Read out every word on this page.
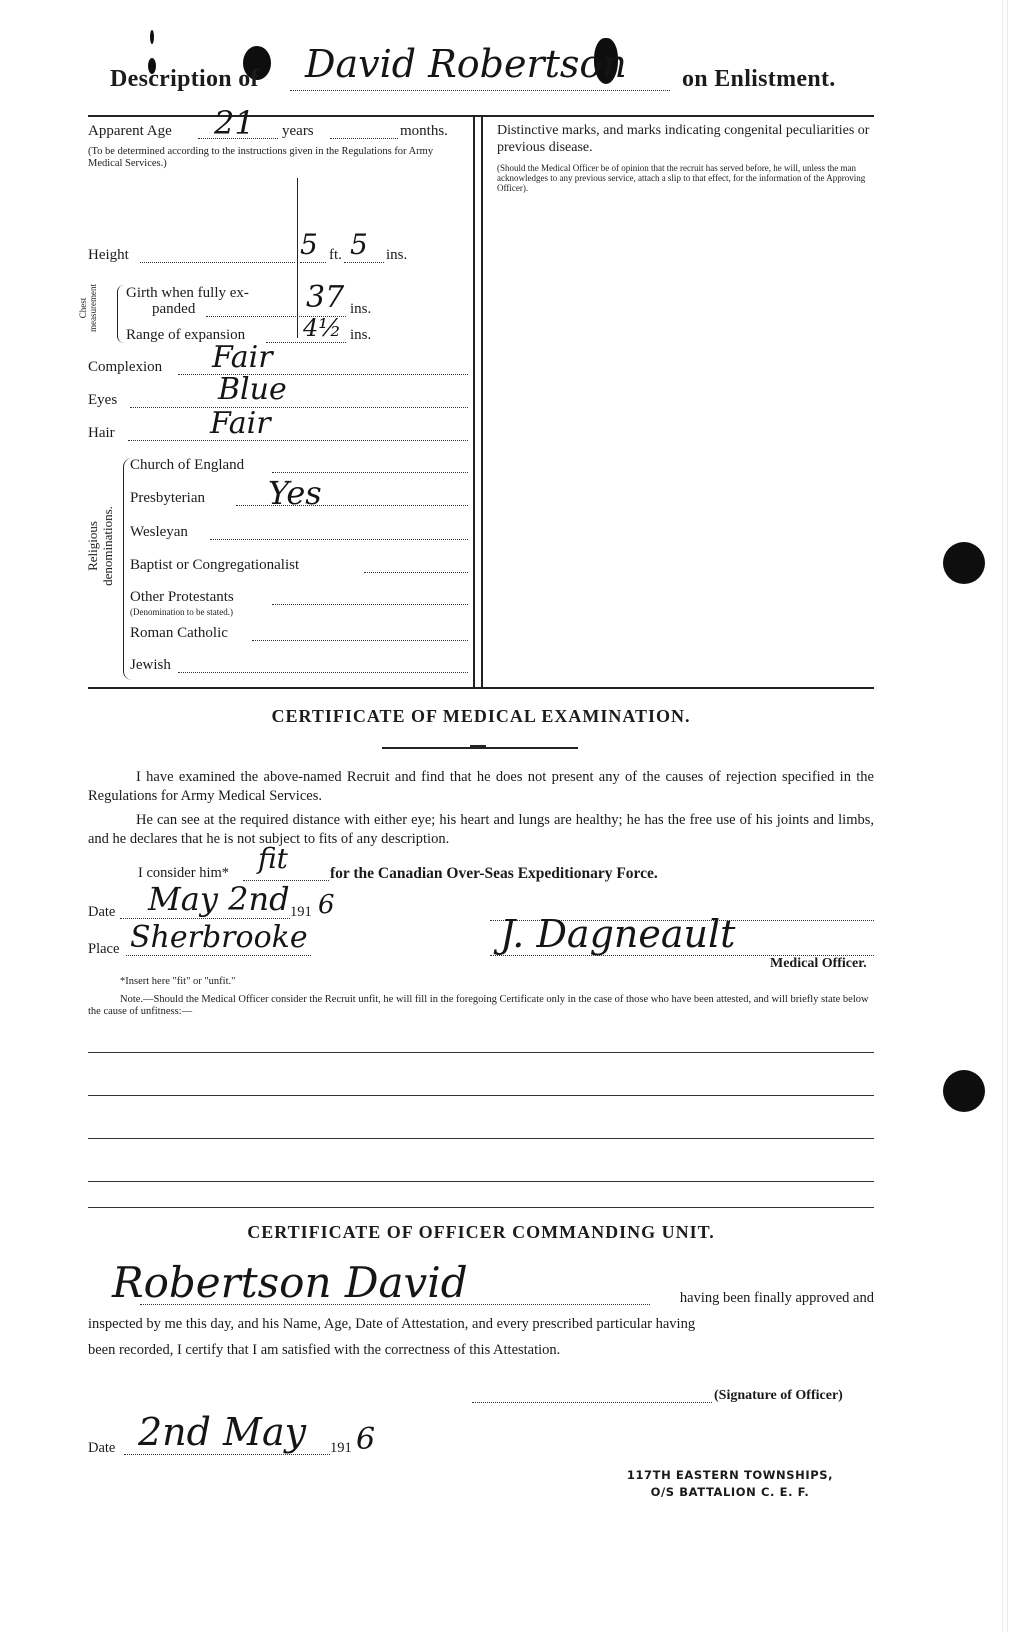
Description of David Robertson on Enlistment.
Apparent Age 21 years	months.
(To be determined according to the instructions given in the Regulations for Army Medical Services.)
Height	5 ft. 5 ins.
Chest measurement Girth when fully ex-
panded	37 ins.
Range of expansion 4½ ins.
Complexion Fair
Eyes	Blue
Hair	Fair
Religious denominations.
Church of England
Presbyterian Yes
Wesleyan
Baptist or Congregationalist
Other Protestants
(Denomination to be stated.)
Roman Catholic
Jewish
Distinctive marks, and marks indicating congenital peculiarities or previous disease.
(Should the Medical Officer be of opinion that the recruit has served before, he will, unless the man acknowledges to any previous service, attach a slip to that effect, for the information of the Approving Officer).
CERTIFICATE OF MEDICAL EXAMINATION.
I have examined the above-named Recruit and find that he does not present any of the causes of rejection specified in the Regulations for Army Medical Services.
He can see at the required distance with either eye; his heart and lungs are healthy; he has the free use of his joints and limbs, and he declares that he is not subject to fits of any description.
I consider him* fit	for the Canadian Over-Seas Expeditionary Force.
Date May 2nd 191 6
Place Sherbrooke	J. Dagneault
Medical Officer.
*Insert here "fit" or "unfit."
Note.—Should the Medical Officer consider the Recruit unfit, he will fill in the foregoing Certificate only in the case of those who have been attested, and will briefly state below the cause of unfitness:—
CERTIFICATE OF OFFICER COMMANDING UNIT.
Robertson David	having been finally approved and
inspected by me this day, and his Name, Age, Date of Attestation, and every prescribed particular having
been recorded, I certify that I am satisfied with the correctness of this Attestation.
(Signature of Officer)
Date 2nd May 191 6
117TH EASTERN TOWNSHIPS,
O/S BATTALION C. E. F.
